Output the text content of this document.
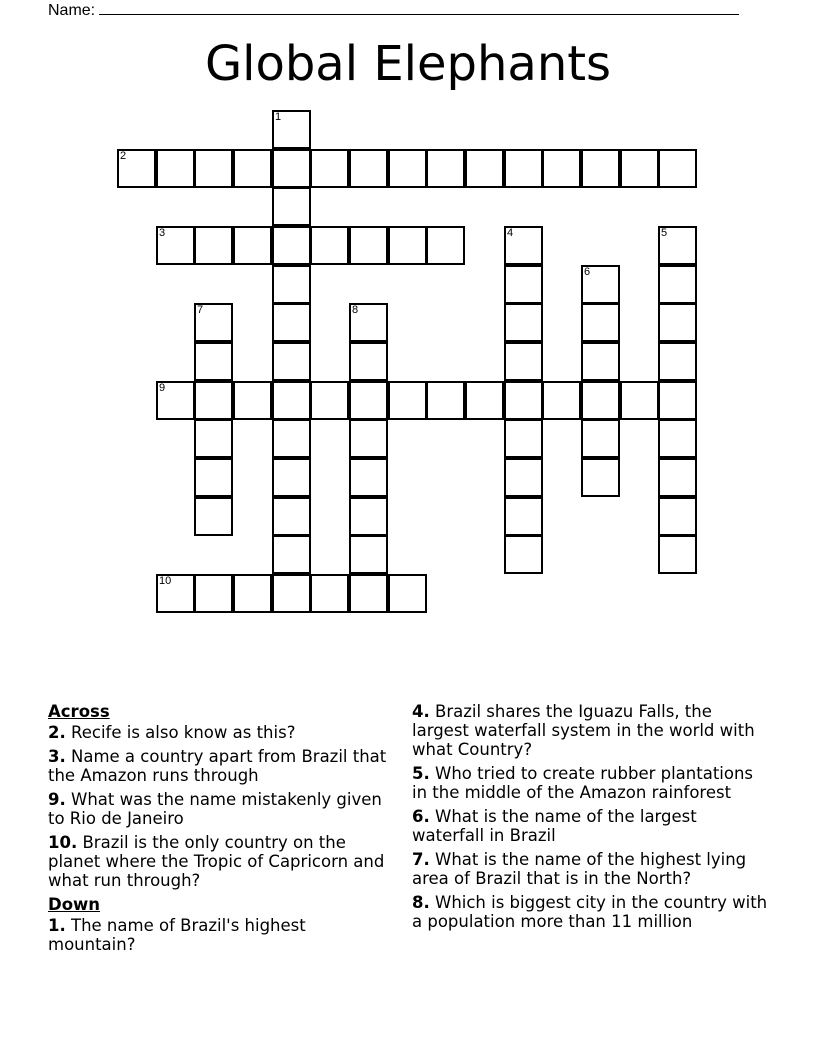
Name:
Global Elephants
1
2
3	4	5
6
7	8
9
10
Across
2. Recife is also know as this?
3. Name a country apart from Brazil that the Amazon runs through
9. What was the name mistakenly given to Rio de Janeiro
10. Brazil is the only country on the planet where the Tropic of Capricorn and what run through?
Down
1. The name of Brazil's highest mountain?
4. Brazil shares the Iguazu Falls, the largest waterfall system in the world with what Country?
5. Who tried to create rubber plantations in the middle of the Amazon rainforest
6. What is the name of the largest waterfall in Brazil
7. What is the name of the highest lying area of Brazil that is in the North?
8. Which is biggest city in the country with a population more than 11 million
